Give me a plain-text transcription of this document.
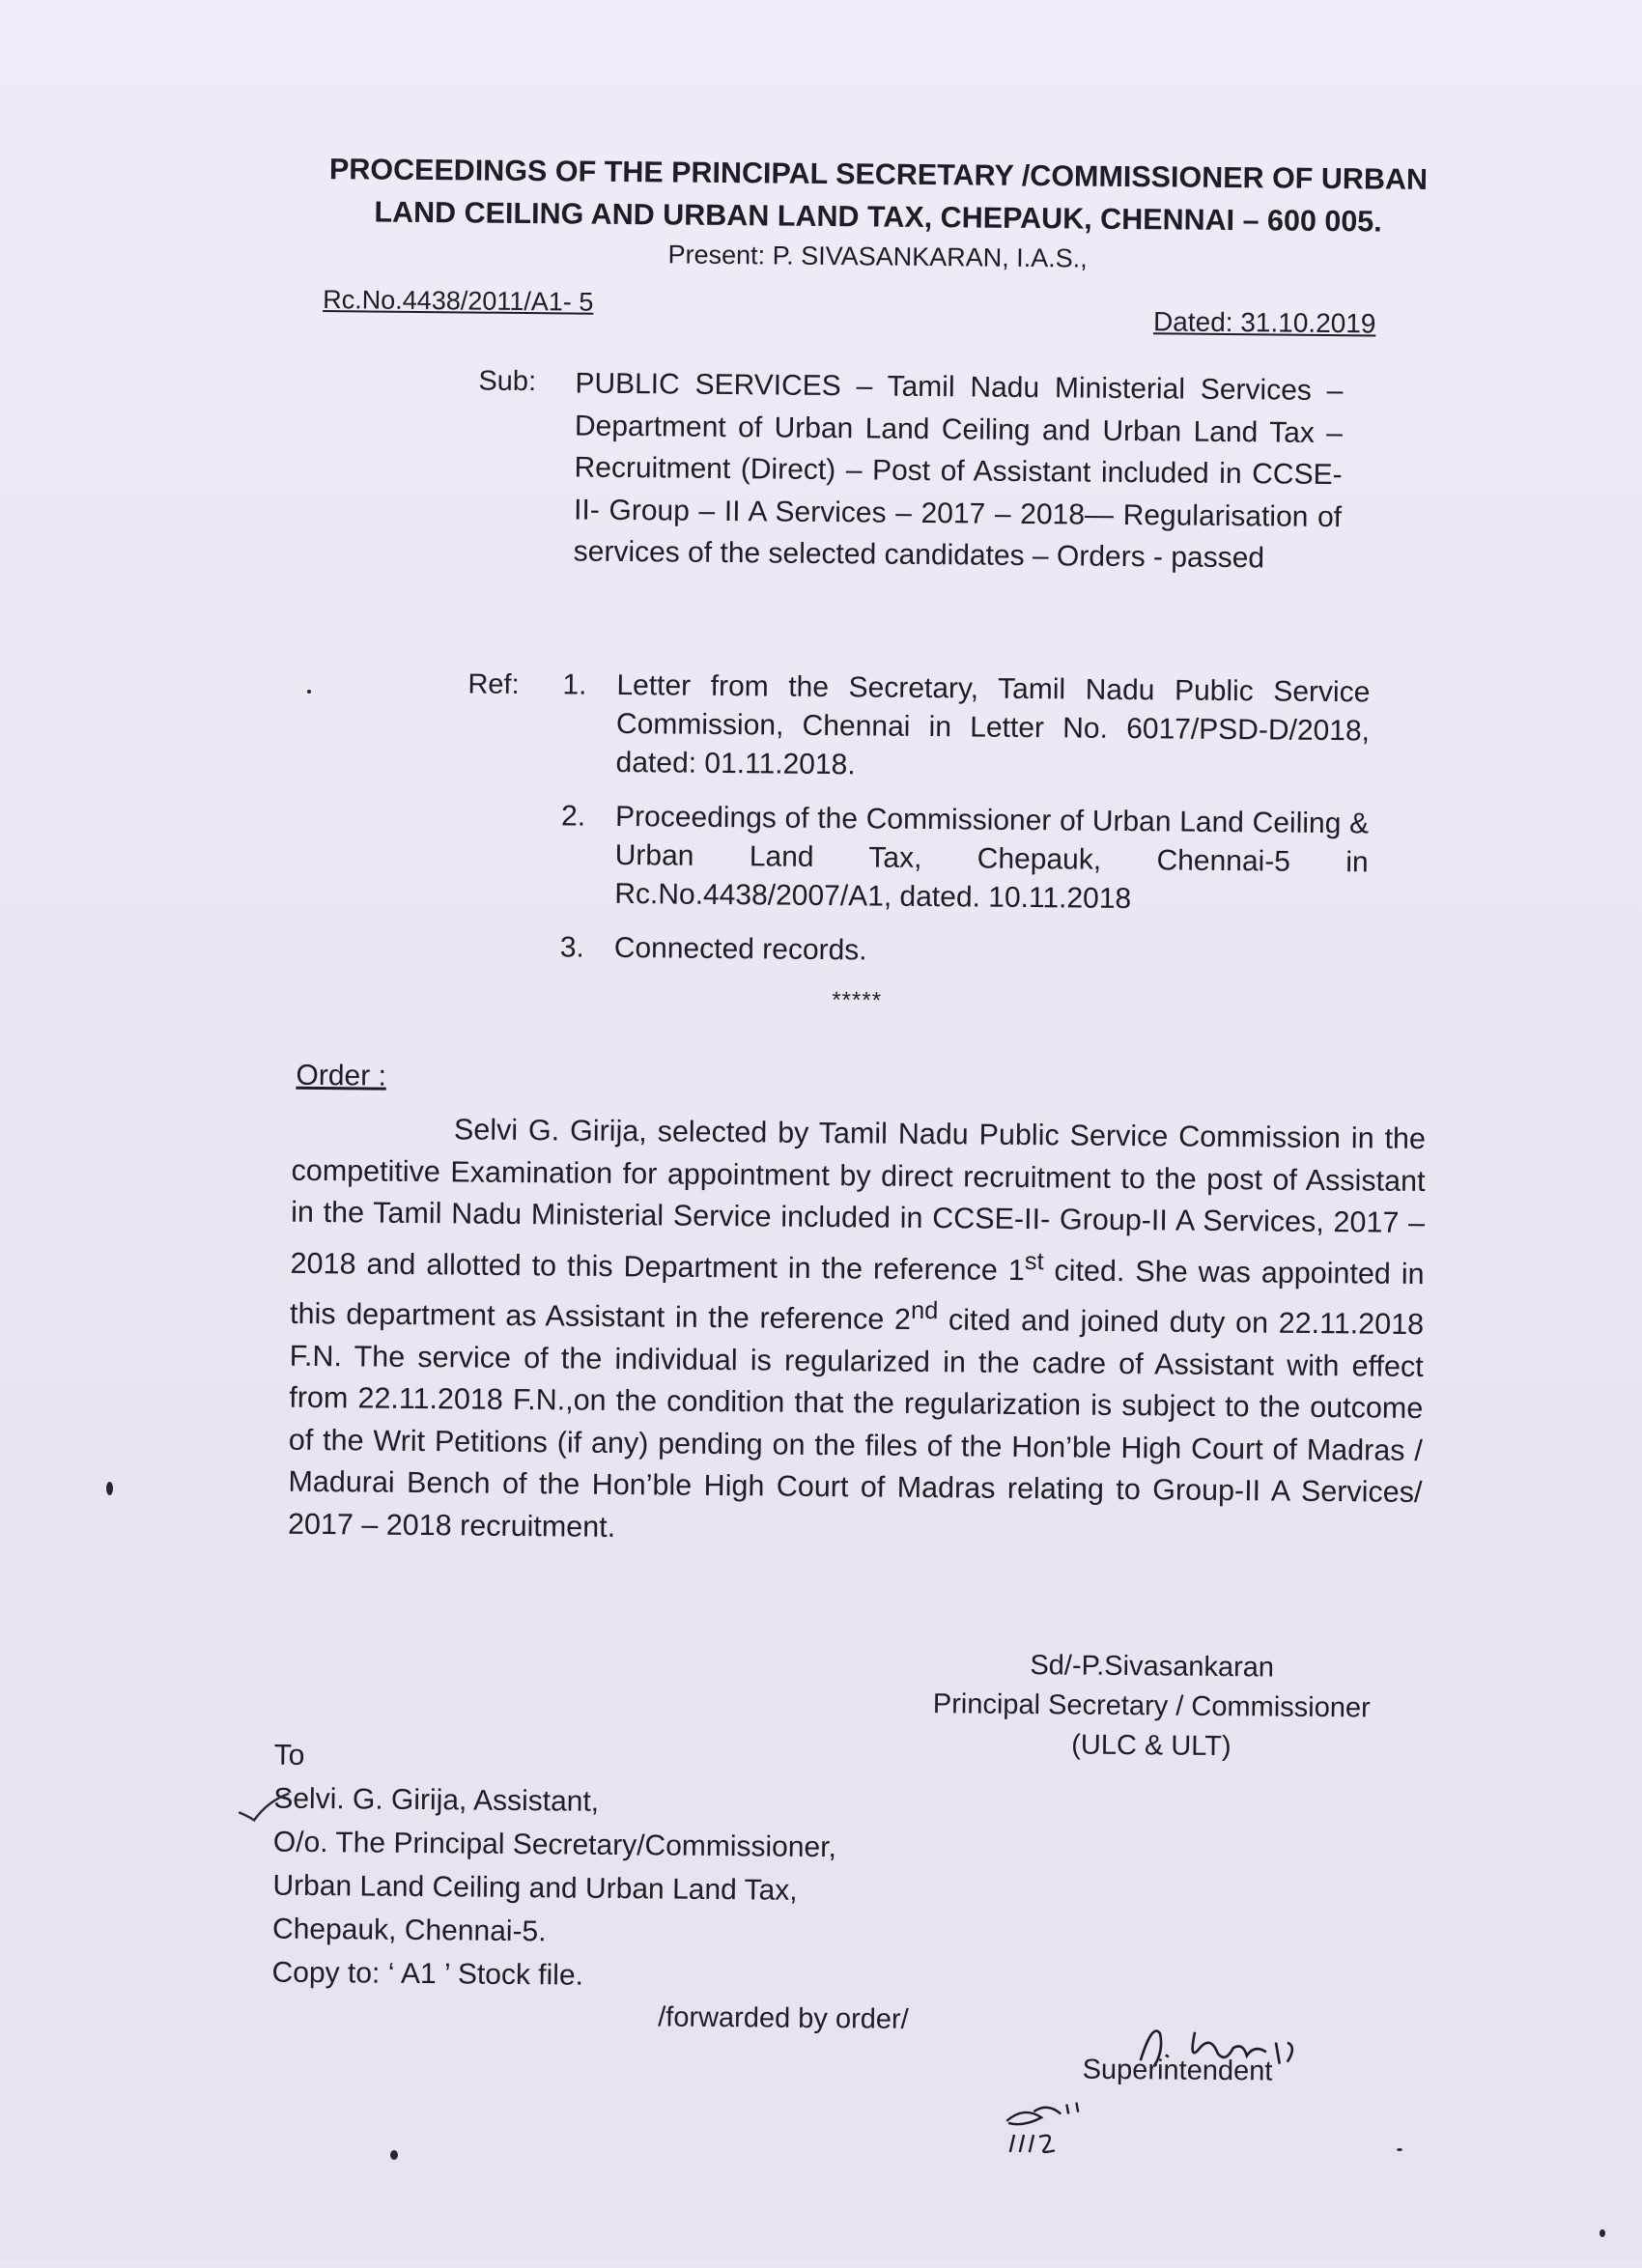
PROCEEDINGS OF THE PRINCIPAL SECRETARY /COMMISSIONER OF URBAN
LAND CEILING AND URBAN LAND TAX, CHEPAUK, CHENNAI – 600 005.
Present: P. SIVASANKARAN, I.A.S.,
Rc.No.4438/2011/A1- 5
Dated: 31.10.2019
Sub: PUBLIC SERVICES – Tamil Nadu Ministerial Services – Department of Urban Land Ceiling and Urban Land Tax – Recruitment (Direct) – Post of Assistant included in CCSE-II- Group – II A Services – 2017 – 2018— Regularisation of services of the selected candidates – Orders - passed
Ref: 1. Letter from the Secretary, Tamil Nadu Public Service Commission, Chennai in Letter No. 6017/PSD-D/2018, dated: 01.11.2018.
2. Proceedings of the Commissioner of Urban Land Ceiling & Urban Land Tax, Chepauk, Chennai-5 in Rc.No.4438/2007/A1, dated. 10.11.2018
3. Connected records.
*****
Order :
Selvi G. Girija, selected by Tamil Nadu Public Service Commission in the competitive Examination for appointment by direct recruitment to the post of Assistant in the Tamil Nadu Ministerial Service included in CCSE-II- Group-II A Services, 2017 – 2018 and allotted to this Department in the reference 1st cited. She was appointed in this department as Assistant in the reference 2nd cited and joined duty on 22.11.2018 F.N. The service of the individual is regularized in the cadre of Assistant with effect from 22.11.2018 F.N.,on the condition that the regularization is subject to the outcome of the Writ Petitions (if any) pending on the files of the Hon’ble High Court of Madras / Madurai Bench of the Hon’ble High Court of Madras relating to Group-II A Services/ 2017 – 2018 recruitment.
Sd/-P.Sivasankaran
Principal Secretary / Commissioner
(ULC & ULT)
To
Selvi. G. Girija, Assistant,
O/o. The Principal Secretary/Commissioner,
Urban Land Ceiling and Urban Land Tax,
Chepauk, Chennai-5.
Copy to: ‘ A1 ’ Stock file.
/forwarded by order/
Superintendent
